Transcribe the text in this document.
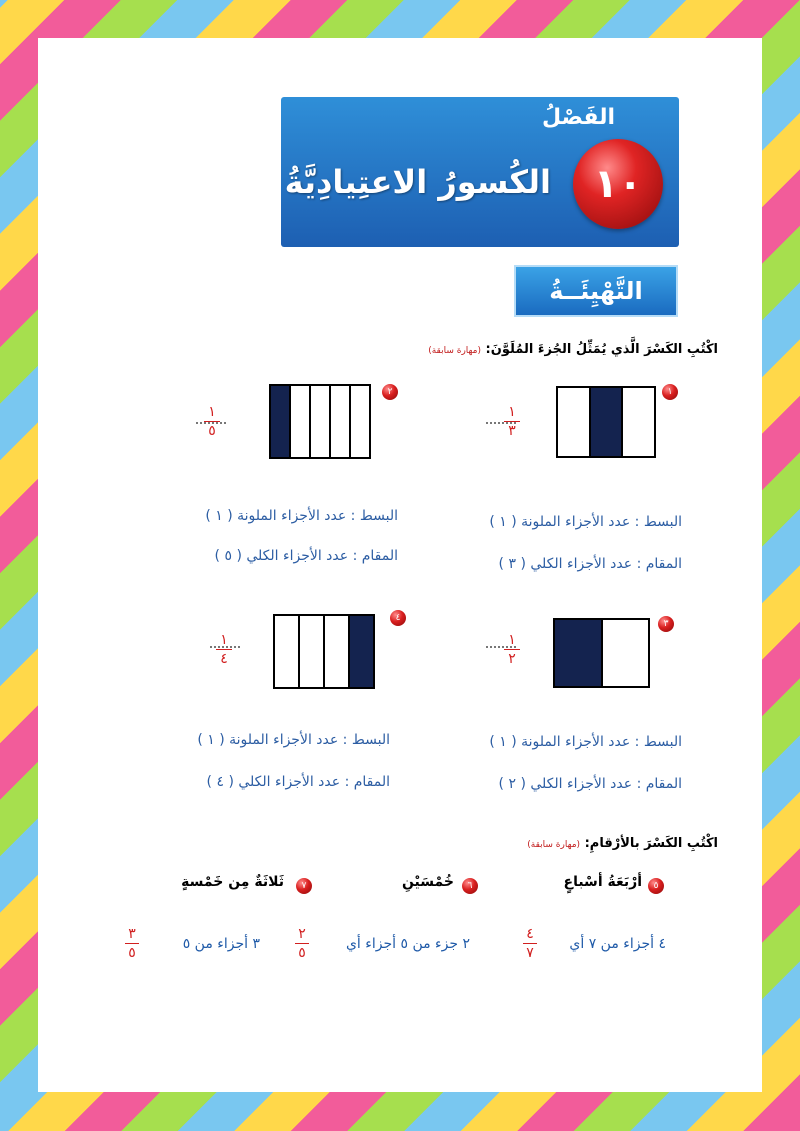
الفَصْلُ
١٠
الكُسورُ الاعتِيادِيَّةُ
التَّهْيِئَــةُ
اكْتُبِ الكَسْرَ الَّذي يُمَثِّلُ الجُزءَ المُلَوَّنَ: (مهارة سابقة)
١
١
٣
البسط : عدد الأجزاء الملونة ( ١ )
المقام : عدد الأجزاء الكلي ( ٣ )
٢
١
٥
البسط : عدد الأجزاء الملونة ( ١ )
المقام : عدد الأجزاء الكلي ( ٥ )
٣
١
٢
البسط : عدد الأجزاء الملونة ( ١ )
المقام : عدد الأجزاء الكلي ( ٢ )
٤
١
٤
البسط : عدد الأجزاء الملونة ( ١ )
المقام : عدد الأجزاء الكلي ( ٤ )
اكْتُبِ الكَسْرَ بالأرْقامِ: (مهارة سابقة)
٥
أرْبَعَةُ أسْباعٍ
٦
خُمْسَيْنِ
٧
ثَلاثَةٌ مِن خَمْسةٍ
٤ أجزاء من ٧ أي
٤
٧
٢ جزء من ٥ أجزاء أي
٢
٥
٣ أجزاء من ٥
٣
٥
